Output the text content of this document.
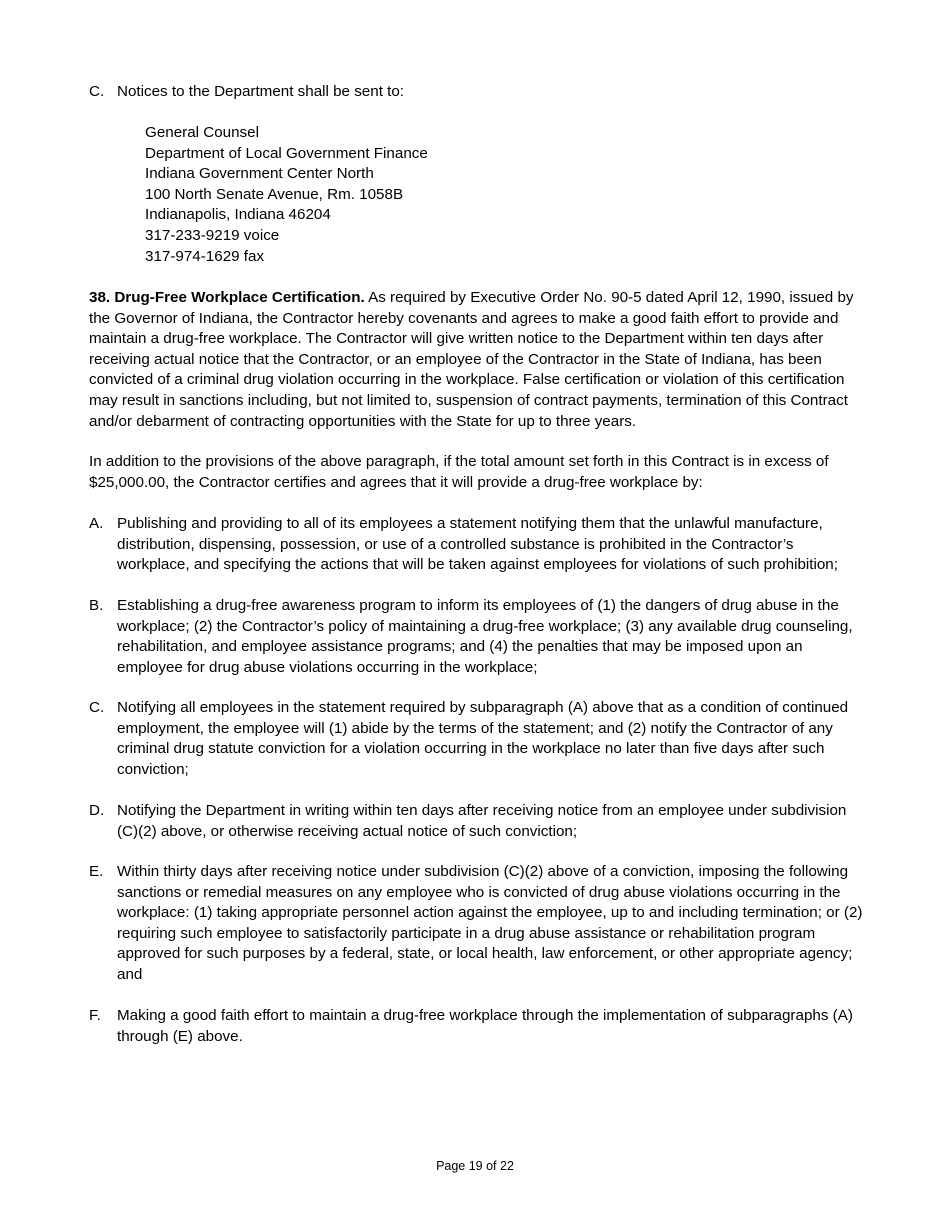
C. Notices to the Department shall be sent to:
General Counsel
Department of Local Government Finance
Indiana Government Center North
100 North Senate Avenue, Rm. 1058B
Indianapolis, Indiana 46204
317-233-9219 voice
317-974-1629 fax
38. Drug-Free Workplace Certification. As required by Executive Order No. 90-5 dated April 12, 1990, issued by the Governor of Indiana, the Contractor hereby covenants and agrees to make a good faith effort to provide and maintain a drug-free workplace. The Contractor will give written notice to the Department within ten days after receiving actual notice that the Contractor, or an employee of the Contractor in the State of Indiana, has been convicted of a criminal drug violation occurring in the workplace. False certification or violation of this certification may result in sanctions including, but not limited to, suspension of contract payments, termination of this Contract and/or debarment of contracting opportunities with the State for up to three years.
In addition to the provisions of the above paragraph, if the total amount set forth in this Contract is in excess of $25,000.00, the Contractor certifies and agrees that it will provide a drug-free workplace by:
A. Publishing and providing to all of its employees a statement notifying them that the unlawful manufacture, distribution, dispensing, possession, or use of a controlled substance is prohibited in the Contractor’s workplace, and specifying the actions that will be taken against employees for violations of such prohibition;
B. Establishing a drug-free awareness program to inform its employees of (1) the dangers of drug abuse in the workplace; (2) the Contractor’s policy of maintaining a drug-free workplace; (3) any available drug counseling, rehabilitation, and employee assistance programs; and (4) the penalties that may be imposed upon an employee for drug abuse violations occurring in the workplace;
C. Notifying all employees in the statement required by subparagraph (A) above that as a condition of continued employment, the employee will (1) abide by the terms of the statement; and (2) notify the Contractor of any criminal drug statute conviction for a violation occurring in the workplace no later than five days after such conviction;
D. Notifying the Department in writing within ten days after receiving notice from an employee under subdivision (C)(2) above, or otherwise receiving actual notice of such conviction;
E. Within thirty days after receiving notice under subdivision (C)(2) above of a conviction, imposing the following sanctions or remedial measures on any employee who is convicted of drug abuse violations occurring in the workplace: (1) taking appropriate personnel action against the employee, up to and including termination; or (2) requiring such employee to satisfactorily participate in a drug abuse assistance or rehabilitation program approved for such purposes by a federal, state, or local health, law enforcement, or other appropriate agency; and
F.	Making a good faith effort to maintain a drug-free workplace through the implementation of subparagraphs (A) through (E) above.
Page 19 of 22
